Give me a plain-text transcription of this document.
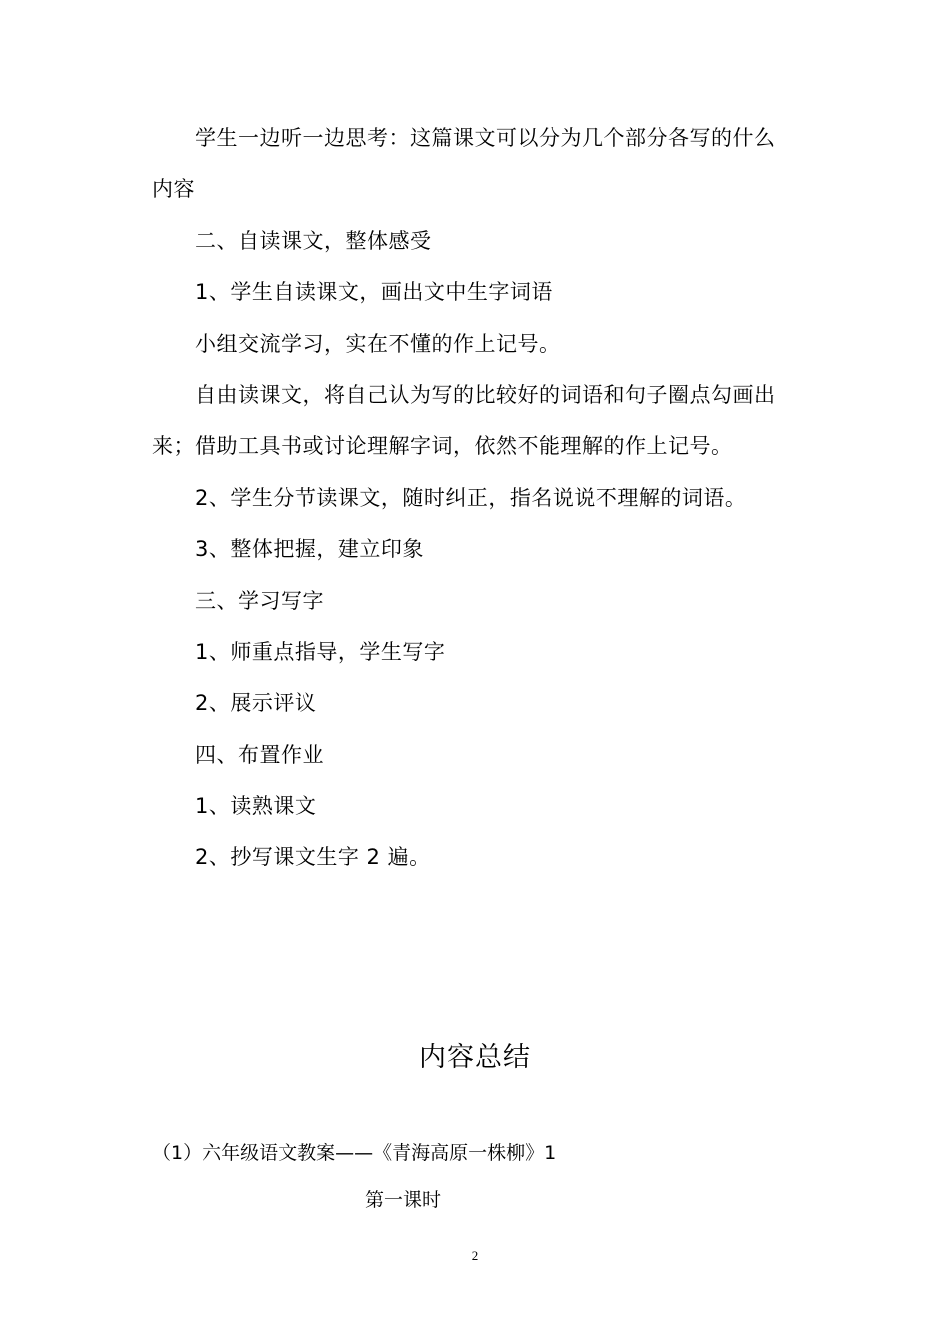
学生一边听一边思考：这篇课文可以分为几个部分各写的什么
内容
二、自读课文，整体感受
1、学生自读课文，画出文中生字词语
小组交流学习，实在不懂的作上记号。
自由读课文，将自己认为写的比较好的词语和句子圈点勾画出
来；借助工具书或讨论理解字词，依然不能理解的作上记号。
2、学生分节读课文，随时纠正，指名说说不理解的词语。
3、整体把握，建立印象
三、学习写字
1、师重点指导，学生写字
2、展示评议
四、布置作业
1、读熟课文
2、抄写课文生字 2 遍。
内容总结
（1）六年级语文教案——《青海高原一株柳》1
第一课时
2
